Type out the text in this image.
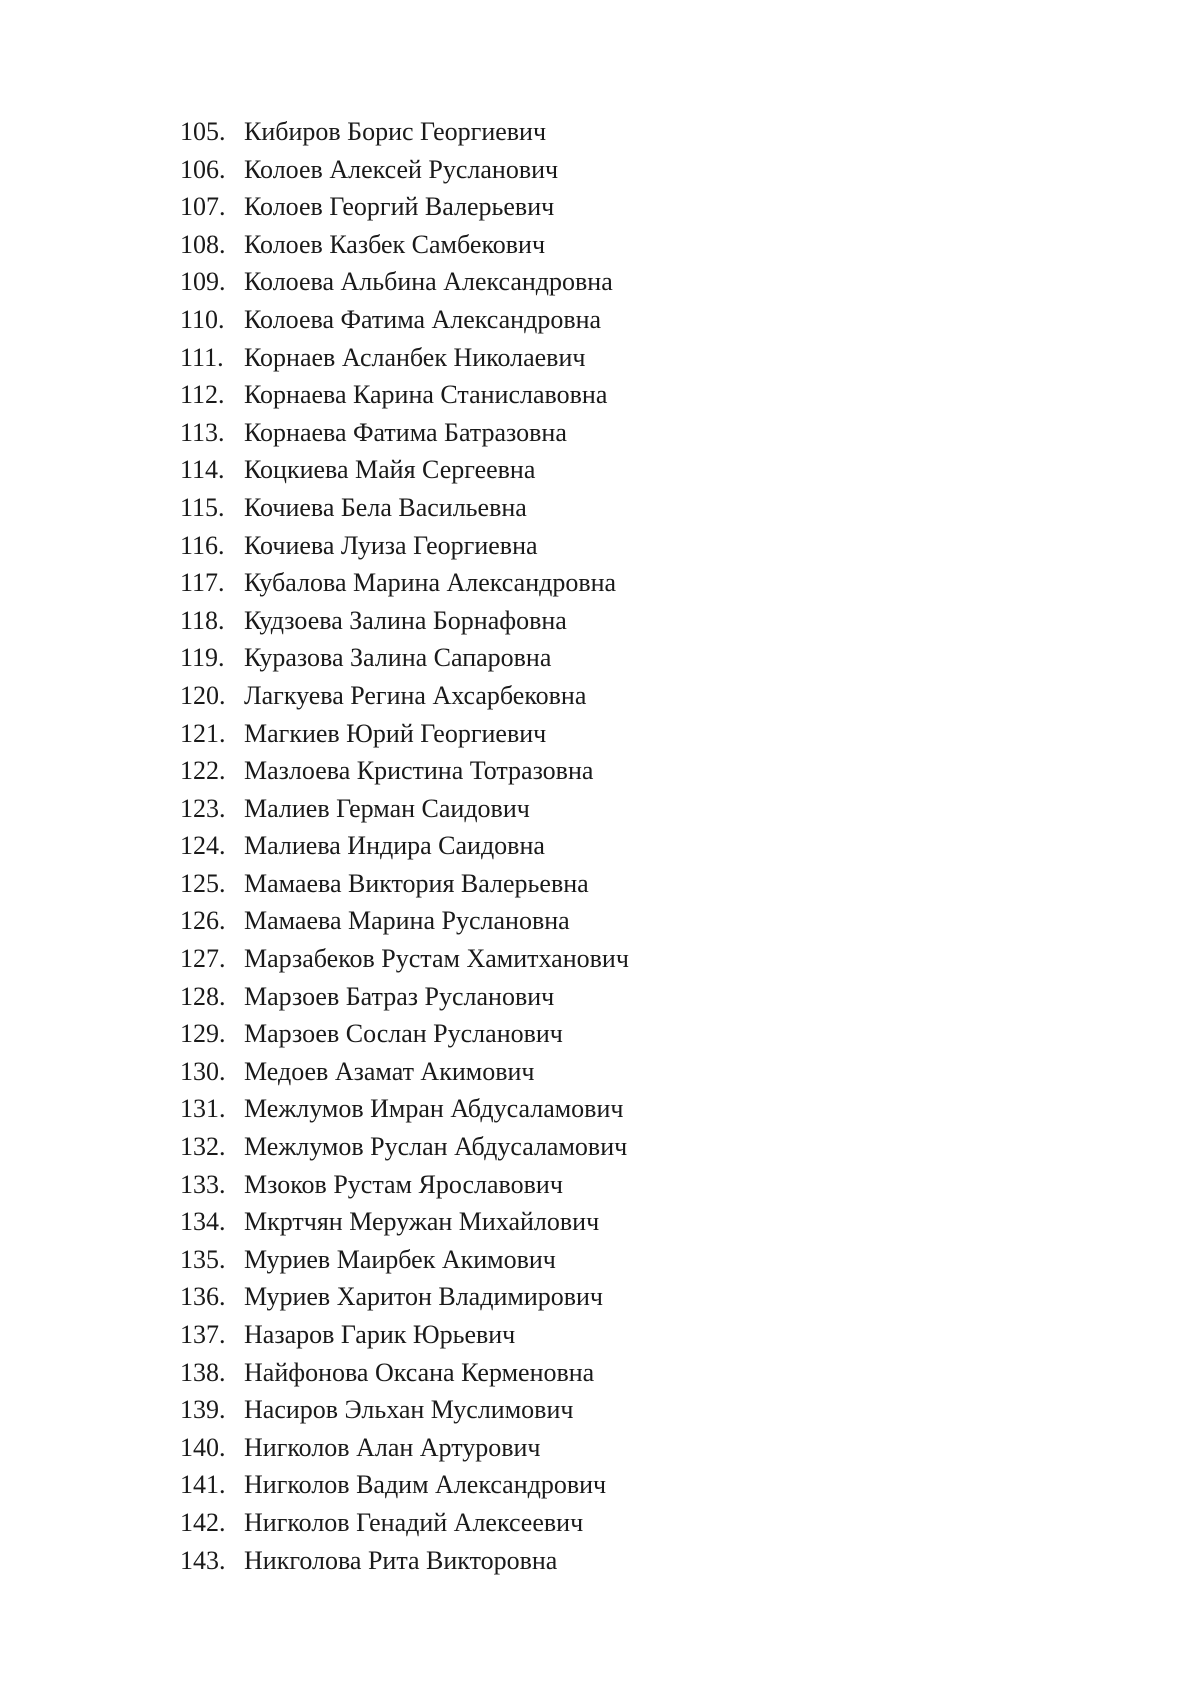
105. Кибиров Борис Георгиевич
106. Колоев Алексей Русланович
107. Колоев Георгий Валерьевич
108. Колоев Казбек Самбекович
109. Колоева Альбина Александровна
110. Колоева Фатима Александровна
111. Корнаев Асланбек Николаевич
112. Корнаева Карина Станиславовна
113. Корнаева Фатима Батразовна
114. Коцкиева Майя Сергеевна
115. Кочиева Бела Васильевна
116. Кочиева Луиза Георгиевна
117. Кубалова Марина Александровна
118. Кудзоева Залина Борнафовна
119. Куразова Залина Сапаровна
120. Лагкуева Регина Ахсарбековна
121. Магкиев Юрий Георгиевич
122. Мазлоева Кристина Тотразовна
123. Малиев Герман Саидович
124. Малиева Индира Саидовна
125. Мамаева Виктория Валерьевна
126. Мамаева Марина Руслановна
127. Марзабеков Рустам Хамитханович
128. Марзоев Батраз Русланович
129. Марзоев Сослан Русланович
130. Медоев Азамат Акимович
131. Межлумов Имран Абдусаламович
132. Межлумов Руслан Абдусаламович
133. Мзоков Рустам Ярославович
134. Мкртчян Меружан Михайлович
135. Муриев Маирбек Акимович
136. Муриев Харитон Владимирович
137. Назаров Гарик Юрьевич
138. Найфонова Оксана Керменовна
139. Насиров Эльхан Муслимович
140. Нигколов Алан Артурович
141. Нигколов Вадим Александрович
142. Нигколов Генадий Алексеевич
143. Никголова Рита Викторовна
